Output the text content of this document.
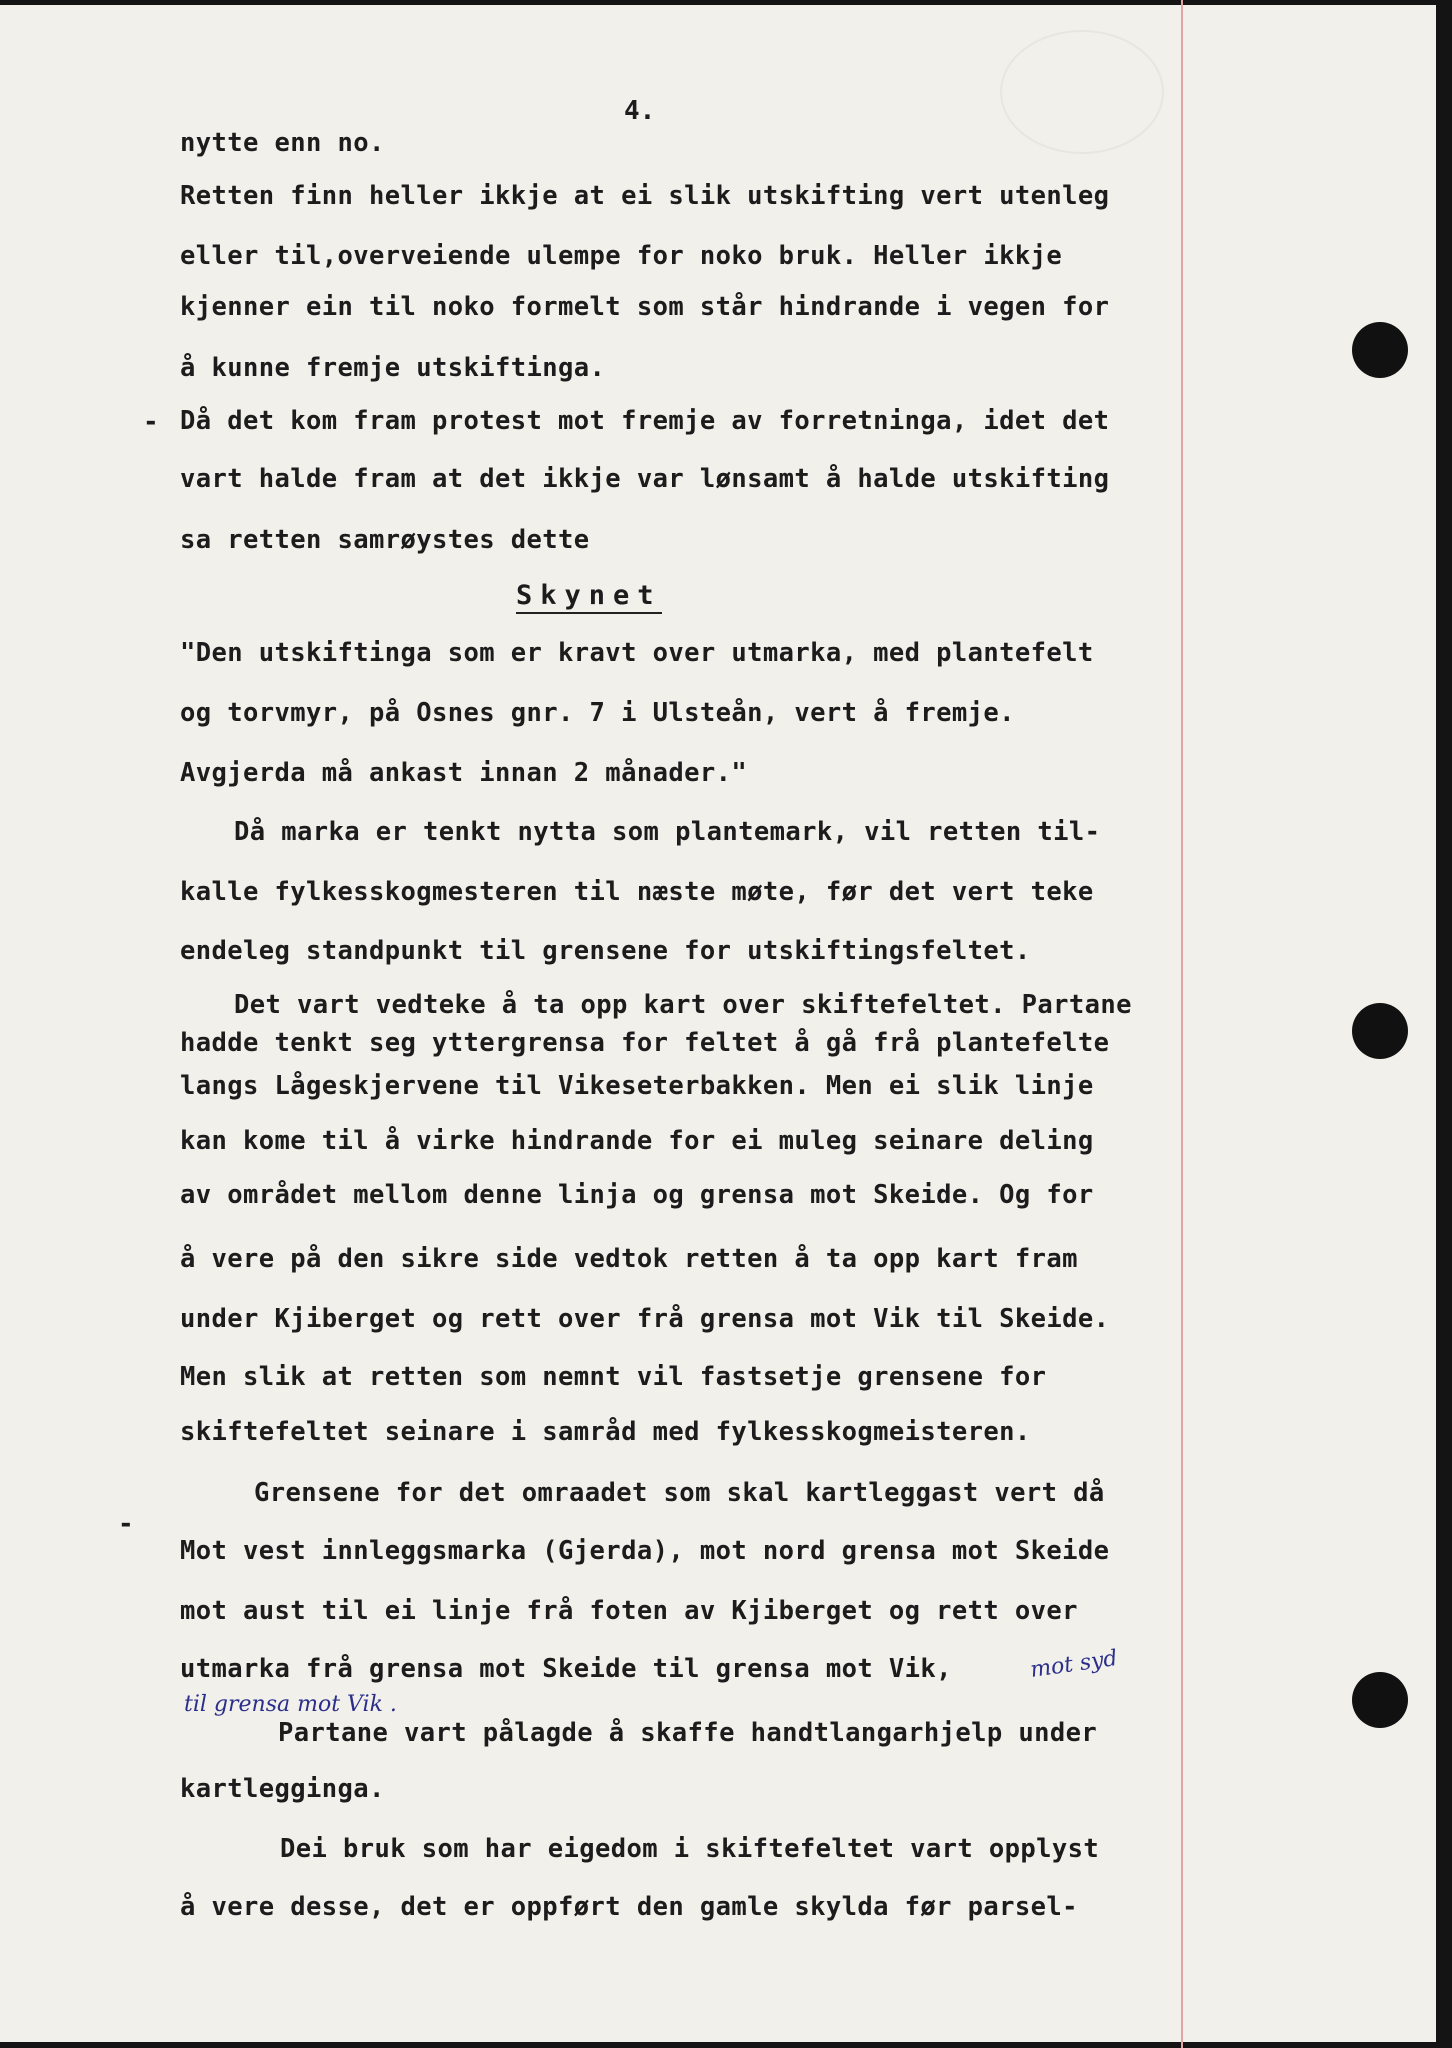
4.
nytte enn no.
Retten finn heller ikkje at ei slik utskifting vert utenleg
eller til,overveiende ulempe for noko bruk. Heller ikkje
kjenner ein til noko formelt som står hindrande i vegen for
å kunne fremje utskiftinga.
- Då det kom fram protest mot fremje av forretninga, idet det
vart halde fram at det ikkje var lønsamt å halde utskifting
sa retten samrøystes dette
Skynet
"Den utskiftinga som er kravt over utmarka, med plantefelt
og torvmyr, på Osnes gnr. 7 i Ulsteån, vert å fremje.
Avgjerda må ankast innan 2 månader."
Då marka er tenkt nytta som plantemark, vil retten til-
kalle fylkesskogmesteren til næste møte, før det vert teke
endeleg standpunkt til grensene for utskiftingsfeltet.
Det vart vedteke å ta opp kart over skiftefeltet. Partane
hadde tenkt seg yttergrensa for feltet å gå frå plantefelte
langs Lågeskjervene til Vikeseterbakken. Men ei slik linje
kan kome til å virke hindrande for ei muleg seinare deling
av området mellom denne linja og grensa mot Skeide. Og for
å vere på den sikre side vedtok retten å ta opp kart fram
under Kjiberget og rett over frå grensa mot Vik til Skeide.
Men slik at retten som nemnt vil fastsetje grensene for
skiftefeltet seinare i samråd med fylkesskogmeisteren.
Grensene for det omraadet som skal kartleggast vert då
-
Mot vest innleggsmarka (Gjerda), mot nord grensa mot Skeide
mot aust til ei linje frå foten av Kjiberget og rett over
utmarka frå grensa mot Skeide til grensa mot Vik,	mot syd
til grensa mot Vik .
Partane vart pålagde å skaffe handtlangarhjelp under
kartlegginga.
Dei bruk som har eigedom i skiftefeltet vart opplyst
å vere desse, det er oppført den gamle skylda før parsel-
